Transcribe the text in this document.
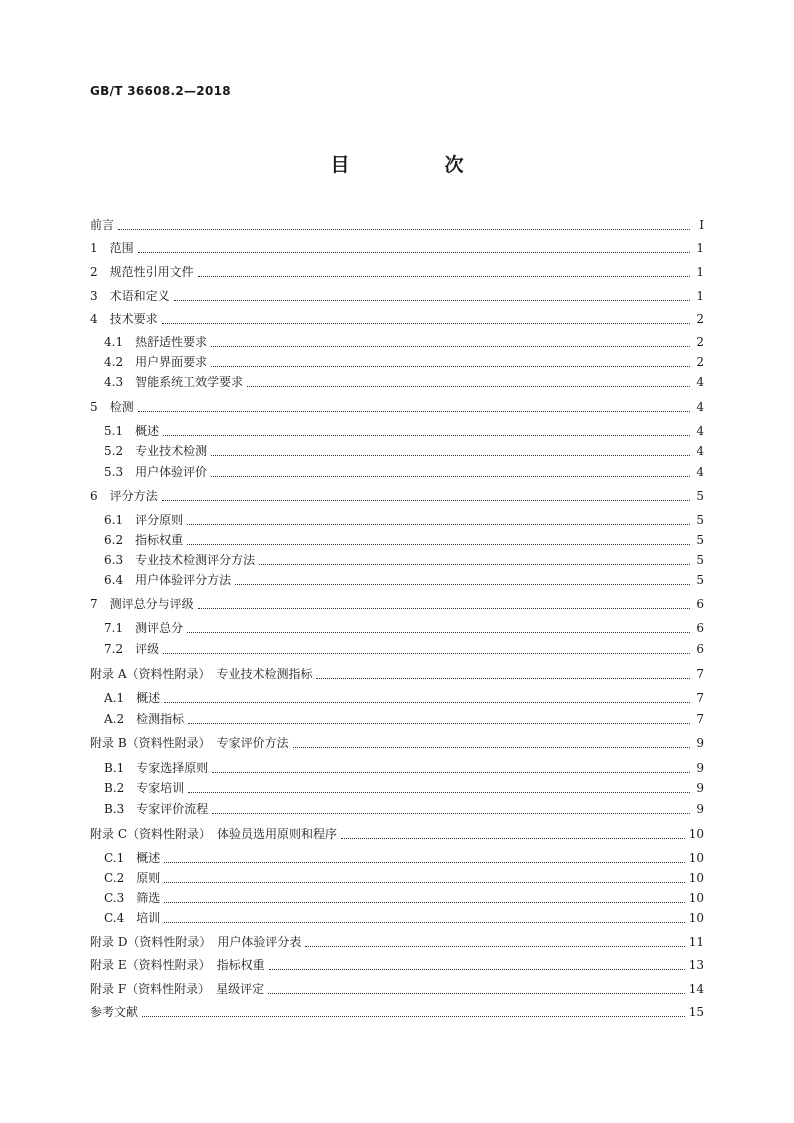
GB/T 36608.2—2018
目　次
前言	I
1　范围	1
2　规范性引用文件	1
3　术语和定义	1
4　技术要求	2
4.1　热舒适性要求	2
4.2　用户界面要求	2
4.3　智能系统工效学要求	4
5　检测	4
5.1　概述	4
5.2　专业技术检测	4
5.3　用户体验评价	4
6　评分方法	5
6.1　评分原则	5
6.2　指标权重	5
6.3　专业技术检测评分方法	5
6.4　用户体验评分方法	5
7　测评总分与评级	6
7.1　测评总分	6
7.2　评级	6
附录 A（资料性附录）　专业技术检测指标	7
A.1　概述	7
A.2　检测指标	7
附录 B（资料性附录）　专家评价方法	9
B.1　专家选择原则	9
B.2　专家培训	9
B.3　专家评价流程	9
附录 C（资料性附录）　体验员选用原则和程序	10
C.1　概述	10
C.2　原则	10
C.3　筛选	10
C.4　培训	10
附录 D（资料性附录）　用户体验评分表	11
附录 E（资料性附录）　指标权重	13
附录 F（资料性附录）　星级评定	14
参考文献	15
